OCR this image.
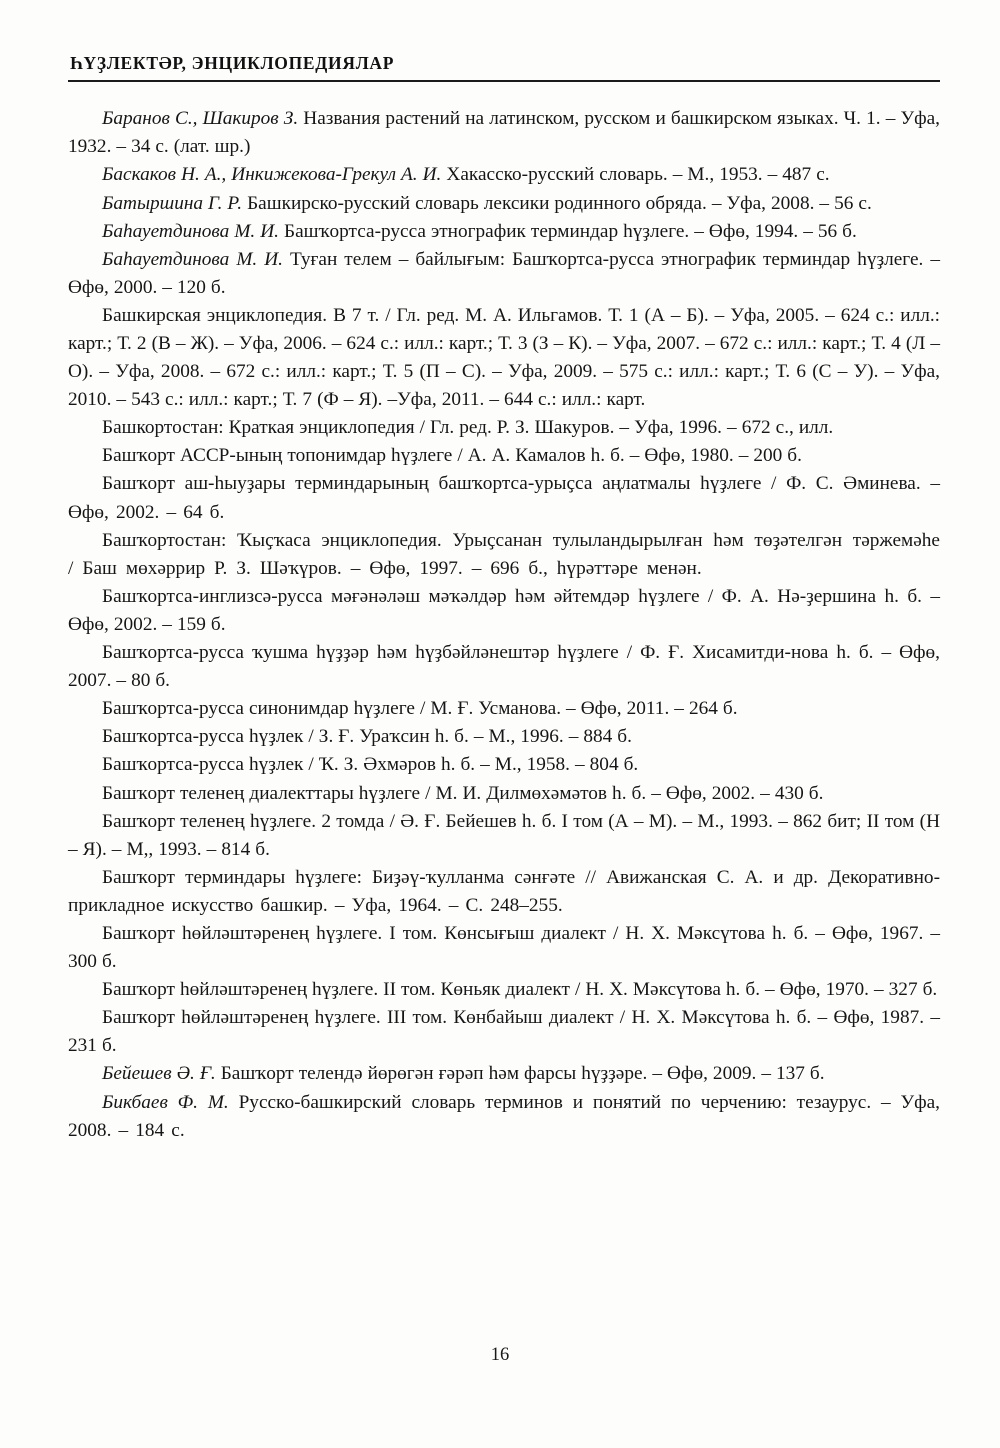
ҺҮҘЛЕКТӘР, ЭНЦИКЛОПЕДИЯЛАР

Баранов С., Шакиров З. Названия растений на латинском, русском и башкирском языках. Ч. 1. – Уфа, 1932. – 34 с. (лат. шр.)

Баскаков Н. А., Инкижекова-Грекул А. И. Хакасско-русский словарь. – М., 1953. – 487 с.

Батыршина Г. Р. Башкирско-русский словарь лексики родинного обряда. – Уфа, 2008. – 56 с.

Баһауетдинова М. И. Башҡортса-русса этнографик терминдар һүҙлеге. – Өфө, 1994. – 56 б.

Баһауетдинова М. И. Туған телем – байлығым: Башҡортса-русса этнографик терминдар һүҙлеге. – Өфө, 2000. – 120 б.

Башкирская энциклопедия. В 7 т. / Гл. ред. М. А. Ильгамов. Т. 1 (А – Б). – Уфа, 2005. – 624 с.: илл.: карт.; Т. 2 (В – Ж). – Уфа, 2006. – 624 с.: илл.: карт.; Т. 3 (З – К). – Уфа, 2007. – 672 с.: илл.: карт.; Т. 4 (Л – О). – Уфа, 2008. – 672 с.: илл.: карт.; Т. 5 (П – С). – Уфа, 2009. – 575 с.: илл.: карт.; Т. 6 (С – У). – Уфа, 2010. – 543 с.: илл.: карт.; Т. 7 (Ф – Я). –Уфа, 2011. – 644 с.: илл.: карт.

Башкортостан: Краткая энциклопедия / Гл. ред. Р. З. Шакуров. – Уфа, 1996. – 672 с., илл.

Башҡорт АССР-ының топонимдар һүҙлеге / А. А. Камалов һ. б. – Өфө, 1980. – 200 б.

Башҡорт аш-һыуҙары терминдарының башҡортса-урыҫса аңлатмалы һүҙлеге / Ф. С. Әминева. – Өфө, 2002. – 64 б.

Башҡортостан: Ҡыҫҡаса энциклопедия. Урыҫсанан тулыландырылған һәм төҙәтелгән тәржемәһе / Баш мөхәррир Р. З. Шәҡүров. – Өфө, 1997. – 696 б., һүрәттәре менән.

Башҡортса-инглизсә-русса мәғәнәләш мәҡәлдәр һәм әйтемдәр һүҙлеге / Ф. А. Нә-ҙершина һ. б. – Өфө, 2002. – 159 б.

Башҡортса-русса ҡушма һүҙҙәр һәм һүҙбәйләнештәр һүҙлеге / Ф. Ғ. Хисамитди-нова һ. б. – Өфө, 2007. – 80 б.

Башҡортса-русса синонимдар һүҙлеге / М. Ғ. Усманова. – Өфө, 2011. – 264 б.

Башҡортса-русса һүҙлек / З. Ғ. Ураҡсин һ. б. – М., 1996. – 884 б.

Башҡортса-русса һүҙлек / Ҡ. З. Әхмәров һ. б. – М., 1958. – 804 б.

Башҡорт теленең диалекттары һүҙлеге / М. И. Дилмөхәмәтов һ. б. – Өфө, 2002. – 430 б.

Башҡорт теленең һүҙлеге. 2 томда / Ә. Ғ. Бейешев һ. б. I том (А – М). – М., 1993. – 862 бит; II том (Н – Я). – М,, 1993. – 814 б.

Башҡорт терминдары һүҙлеге: Биҙәү-ҡулланма сәнғәте // Авижанская С. А. и др. Декоративно-прикладное искусство башкир. – Уфа, 1964. – С. 248–255.

Башҡорт һөйләштәренең һүҙлеге. I том. Көнсығыш диалект / Н. Х. Мәксүтова һ. б. – Өфө, 1967. – 300 б.

Башҡорт һөйләштәренең һүҙлеге. II том. Көньяк диалект / Н. Х. Мәксүтова һ. б. – Өфө, 1970. – 327 б.

Башҡорт һөйләштәренең һүҙлеге. III том. Көнбайыш диалект / Н. Х. Мәксүтова һ. б. – Өфө, 1987. – 231 б.

Бейешев Ә. Ғ. Башҡорт телендә йөрөгән ғәрәп һәм фарсы һүҙҙәре. – Өфө, 2009. – 137 б.

Бикбаев Ф. М. Русско-башкирский словарь терминов и понятий по черчению: тезаурус. – Уфа, 2008. – 184 с.

16
